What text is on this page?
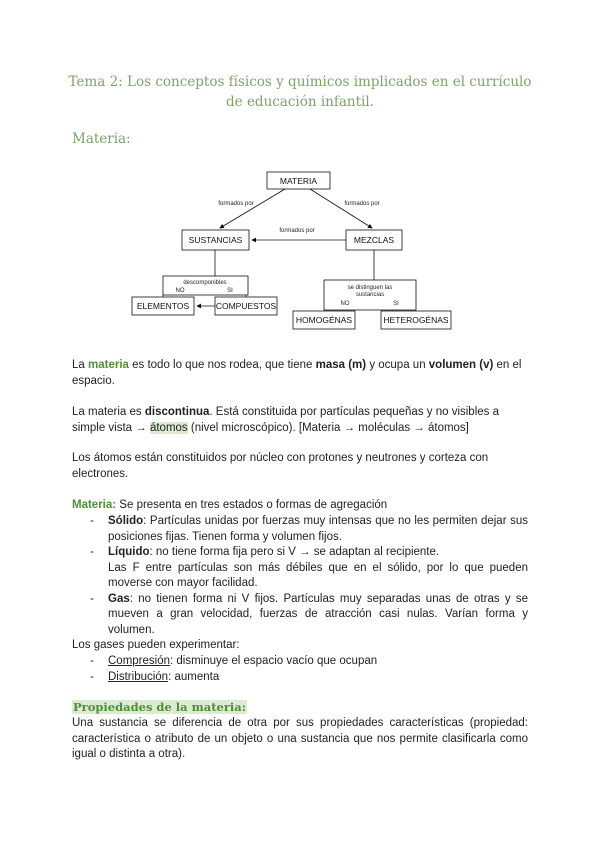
Tema 2: Los conceptos físicos y químicos implicados en el currículo
de educación infantil.
Materia:
MATERIA
SUSTANCIAS	MEZCLAS
ELEMENTOS	COMPUESTOS
HOMOGÉNAS	HETEROGÉNAS
formados por	formados por
formados por
descomponibles
NO	SI	se distinguen las
sustancias
NO	SI
La materia es todo lo que nos rodea, que tiene masa (m) y ocupa un volumen (v) en el espacio.
La materia es discontinua. Está constituida por partículas pequeñas y no visibles a simple vista → átomos (nivel microscópico). [Materia → moléculas → átomos]
Los átomos están constituidos por núcleo con protones y neutrones y corteza con electrones.
Materia: Se presenta en tres estados o formas de agregación
- Sólido: Partículas unidas por fuerzas muy intensas que no les permiten dejar sus posiciones fijas. Tienen forma y volumen fijos.
- Líquido: no tiene forma fija pero si V → se adaptan al recipiente.
Las F entre partículas son más débiles que en el sólido, por lo que pueden moverse con mayor facilidad.
- Gas: no tienen forma ni V fijos. Partículas muy separadas unas de otras y se mueven a gran velocidad, fuerzas de atracción casi nulas. Varían forma y volumen.
Los gases pueden experimentar:
- Compresión: disminuye el espacio vacío que ocupan
- Distribución: aumenta
Propiedades de la materia:
Una sustancia se diferencia de otra por sus propiedades características (propiedad: característica o atributo de un objeto o una sustancia que nos permite clasificarla como igual o distinta a otra).
